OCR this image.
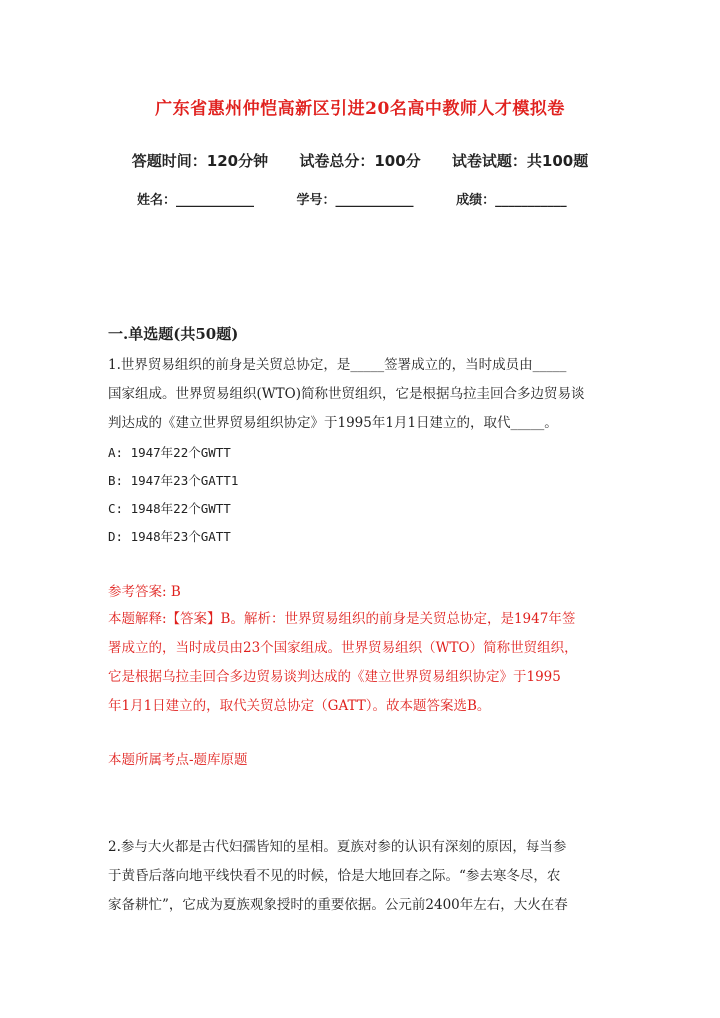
广东省惠州仲恺高新区引进20名高中教师人才模拟卷
答题时间：120分钟 试卷总分：100分 试卷试题：共100题
姓名：____________	学号：____________	成绩：___________
一.单选题(共50题)
1.世界贸易组织的前身是关贸总协定，是_____签署成立的，当时成员由_____
国家组成。世界贸易组织(WTO)简称世贸组织，它是根据乌拉圭回合多边贸易谈
判达成的《建立世界贸易组织协定》于1995年1月1日建立的，取代_____。
A: 1947年22个GWTT
B: 1947年23个GATT1
C: 1948年22个GWTT
D: 1948年23个GATT
参考答案: B
本题解释:【答案】B。解析：世界贸易组织的前身是关贸总协定，是1947年签
署成立的，当时成员由23个国家组成。世界贸易组织（WTO）简称世贸组织，
它是根据乌拉圭回合多边贸易谈判达成的《建立世界贸易组织协定》于1995
年1月1日建立的，取代关贸总协定（GATT）。故本题答案选B。
本题所属考点-题库原题
2.参与大火都是古代妇孺皆知的星相。夏族对参的认识有深刻的原因，每当参
于黄昏后落向地平线快看不见的时候，恰是大地回春之际。“参去寒冬尽，农
家备耕忙”，它成为夏族观象授时的重要依据。公元前2400年左右，大火在春
